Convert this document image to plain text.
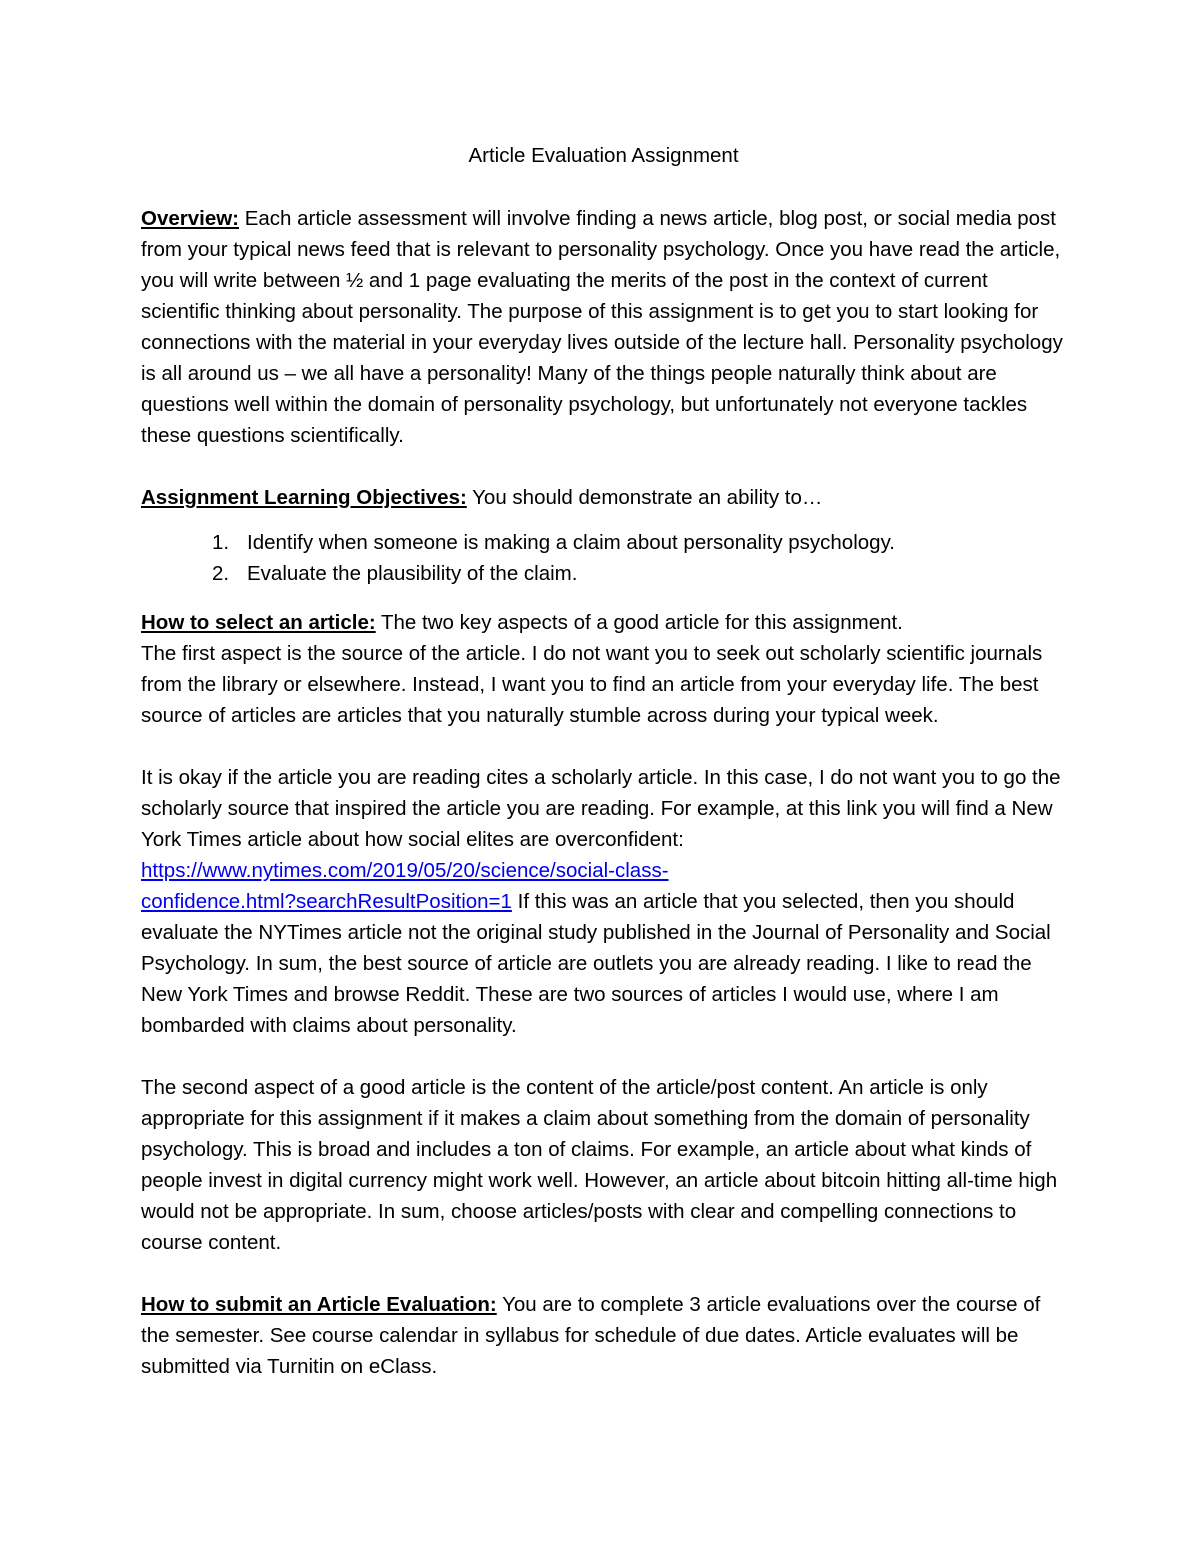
Article Evaluation Assignment

Overview: Each article assessment will involve finding a news article, blog post, or social media post from your typical news feed that is relevant to personality psychology. Once you have read the article, you will write between ½ and 1 page evaluating the merits of the post in the context of current scientific thinking about personality. The purpose of this assignment is to get you to start looking for connections with the material in your everyday lives outside of the lecture hall. Personality psychology is all around us – we all have a personality! Many of the things people naturally think about are questions well within the domain of personality psychology, but unfortunately not everyone tackles these questions scientifically.

Assignment Learning Objectives: You should demonstrate an ability to…

1. Identify when someone is making a claim about personality psychology.
2. Evaluate the plausibility of the claim.

How to select an article: The two key aspects of a good article for this assignment.

The first aspect is the source of the article. I do not want you to seek out scholarly scientific journals from the library or elsewhere. Instead, I want you to find an article from your everyday life. The best source of articles are articles that you naturally stumble across during your typical week.

It is okay if the article you are reading cites a scholarly article. In this case, I do not want you to go the scholarly source that inspired the article you are reading. For example, at this link you will find a New York Times article about how social elites are overconfident:
https://www.nytimes.com/2019/05/20/science/social-class-
confidence.html?searchResultPosition=1 If this was an article that you selected, then you should evaluate the NYTimes article not the original study published in the Journal of Personality and Social Psychology. In sum, the best source of article are outlets you are already reading. I like to read the New York Times and browse Reddit. These are two sources of articles I would use, where I am bombarded with claims about personality.

The second aspect of a good article is the content of the article/post content. An article is only appropriate for this assignment if it makes a claim about something from the domain of personality psychology. This is broad and includes a ton of claims. For example, an article about what kinds of people invest in digital currency might work well. However, an article about bitcoin hitting all-time high would not be appropriate. In sum, choose articles/posts with clear and compelling connections to course content.

How to submit an Article Evaluation: You are to complete 3 article evaluations over the course of the semester. See course calendar in syllabus for schedule of due dates. Article evaluates will be submitted via Turnitin on eClass.
